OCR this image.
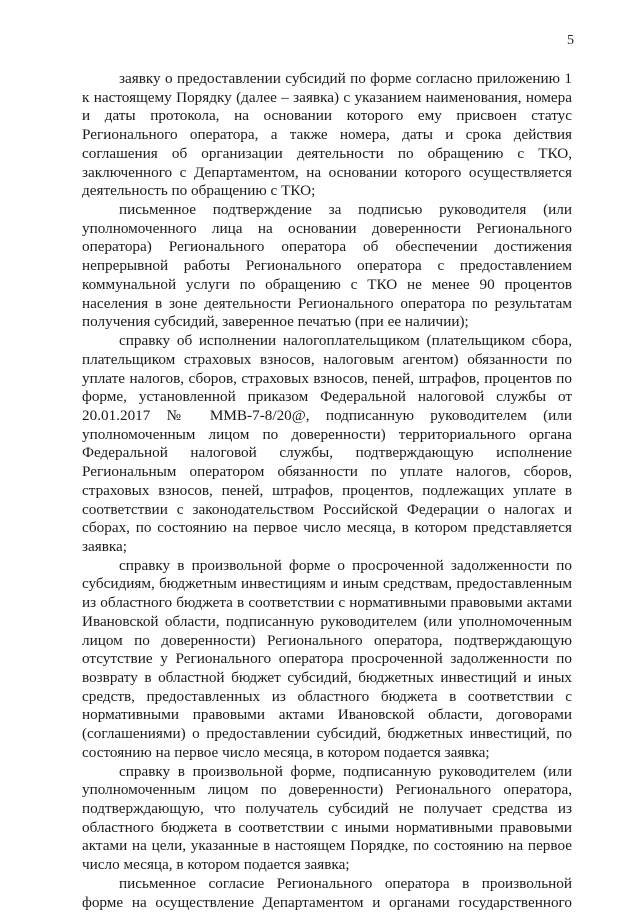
5

заявку о предоставлении субсидий по форме согласно приложению 1 к настоящему Порядку (далее – заявка) с указанием наименования, номера и даты протокола, на основании которого ему присвоен статус Регионального оператора, а также номера, даты и срока действия соглашения об организации деятельности по обращению с ТКО, заключенного с Департаментом, на основании которого осуществляется деятельность по обращению с ТКО;

письменное подтверждение за подписью руководителя (или уполномоченного лица на основании доверенности Регионального оператора) Регионального оператора об обеспечении достижения непрерывной работы Регионального оператора с предоставлением коммунальной услуги по обращению с ТКО не менее 90 процентов населения в зоне деятельности Регионального оператора по результатам получения субсидий, заверенное печатью (при ее наличии);

справку об исполнении налогоплательщиком (плательщиком сбора, плательщиком страховых взносов, налоговым агентом) обязанности по уплате налогов, сборов, страховых взносов, пеней, штрафов, процентов по форме, установленной приказом Федеральной налоговой службы от 20.01.2017 № ММВ-7-8/20@, подписанную руководителем (или уполномоченным лицом по доверенности) территориального органа Федеральной налоговой службы, подтверждающую исполнение Региональным оператором обязанности по уплате налогов, сборов, страховых взносов, пеней, штрафов, процентов, подлежащих уплате в соответствии с законодательством Российской Федерации о налогах и сборах, по состоянию на первое число месяца, в котором представляется заявка;

справку в произвольной форме о просроченной задолженности по субсидиям, бюджетным инвестициям и иным средствам, предоставленным из областного бюджета в соответствии с нормативными правовыми актами Ивановской области, подписанную руководителем (или уполномоченным лицом по доверенности) Регионального оператора, подтверждающую отсутствие у Регионального оператора просроченной задолженности по возврату в областной бюджет субсидий, бюджетных инвестиций и иных средств, предоставленных из областного бюджета в соответствии с нормативными правовыми актами Ивановской области, договорами (соглашениями) о предоставлении субсидий, бюджетных инвестиций, по состоянию на первое число месяца, в котором подается заявка;

справку в произвольной форме, подписанную руководителем (или уполномоченным лицом по доверенности) Регионального оператора, подтверждающую, что получатель субсидий не получает средства из областного бюджета в соответствии с иными нормативными правовыми актами на цели, указанные в настоящем Порядке, по состоянию на первое число месяца, в котором подается заявка;

письменное согласие Регионального оператора в произвольной форме на осуществление Департаментом и органами государственного
